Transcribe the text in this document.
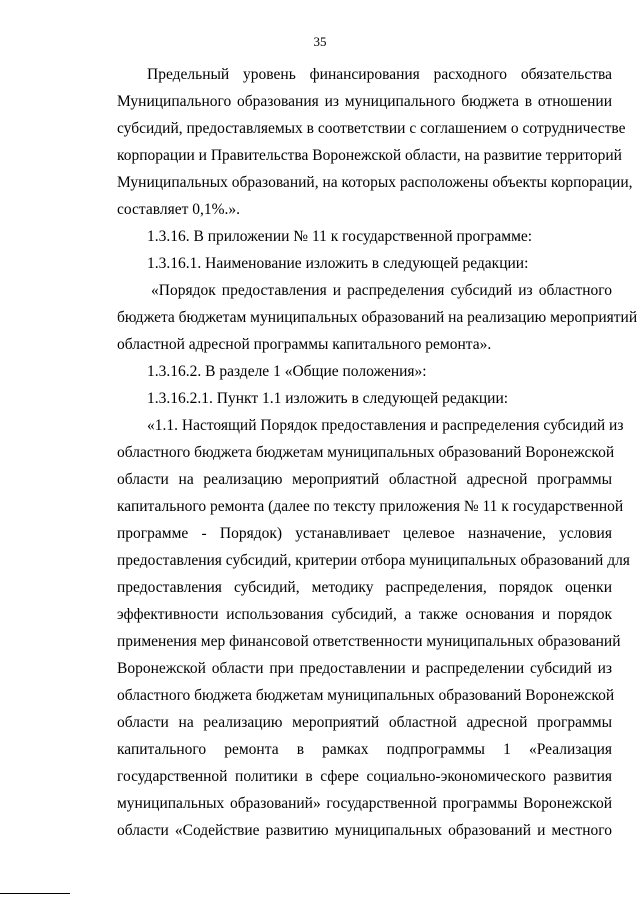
35
Предельный уровень финансирования расходного обязательства
Муниципального образования из муниципального бюджета в отношении
субсидий, предоставляемых в соответствии с соглашением о сотрудничестве
корпорации и Правительства Воронежской области, на развитие территорий
Муниципальных образований, на которых расположены объекты корпорации,
составляет 0,1%.».
1.3.16. В приложении № 11 к государственной программе:
1.3.16.1. Наименование изложить в следующей редакции:
«Порядок предоставления и распределения субсидий из областного
бюджета бюджетам муниципальных образований на реализацию мероприятий
областной адресной программы капитального ремонта».
1.3.16.2. В разделе 1 «Общие положения»:
1.3.16.2.1. Пункт 1.1 изложить в следующей редакции:
«1.1. Настоящий Порядок предоставления и распределения субсидий из
областного бюджета бюджетам муниципальных образований Воронежской
области на реализацию мероприятий областной адресной программы
капитального ремонта (далее по тексту приложения № 11 к государственной
программе - Порядок) устанавливает целевое назначение, условия
предоставления субсидий, критерии отбора муниципальных образований для
предоставления субсидий, методику распределения, порядок оценки
эффективности использования субсидий, а также основания и порядок
применения мер финансовой ответственности муниципальных образований
Воронежской области при предоставлении и распределении субсидий из
областного бюджета бюджетам муниципальных образований Воронежской
области на реализацию мероприятий областной адресной программы
капитального ремонта в рамках подпрограммы 1 «Реализация
государственной политики в сфере социально-экономического развития
муниципальных образований» государственной программы Воронежской
области «Содействие развитию муниципальных образований и местного
